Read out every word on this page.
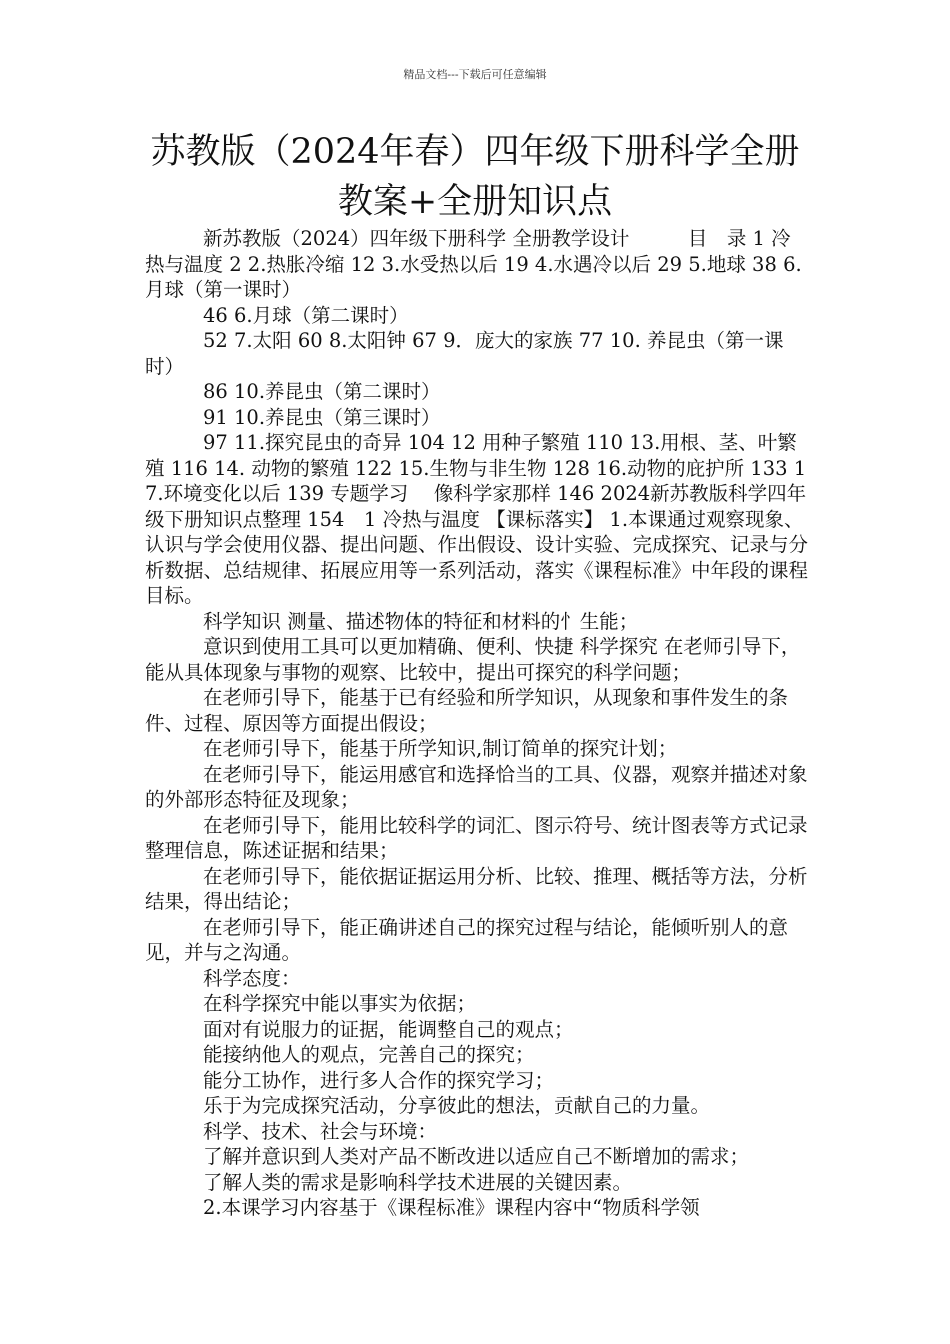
精品文档---下载后可任意编辑
苏教版（2024年春）四年级下册科学全册
教案+全册知识点

新苏教版（2024）四年级下册科学 全册教学设计　　　目　录 1 冷热与温度 2 2.热胀冷缩 12 3.水受热以后 19 4.水遇冷以后 29 5.地球 38 6.月球（第一课时）

46 6.月球（第二课时）

52 7.太阳 60 8.太阳钟 67 9．庞大的家族 77 10. 养昆虫（第一课时）

86 10.养昆虫（第二课时）

91 10.养昆虫（第三课时）

97 11.探究昆虫的奇异 104 12 用种子繁殖 110 13.用根、茎、叶繁殖 116 14. 动物的繁殖 122 15.生物与非生物 128 16.动物的庇护所 133 17.环境变化以后 139 专题学习　 像科学家那样 146 2024新苏教版科学四年级下册知识点整理 154　1 冷热与温度 【课标落实】 1.本课通过观察现象、认识与学会使用仪器、提出问题、作出假设、设计实验、完成探究、记录与分析数据、总结规律、拓展应用等一系列活动，落实《课程标准》中年段的课程目标。

科学知识 测量、描述物体的特征和材料的忄生能；

意识到使用工具可以更加精确、便利、快捷 科学探究 在老师引导下，能从具体现象与事物的观察、比较中，提出可探究的科学问题；

在老师引导下，能基于已有经验和所学知识，从现象和事件发生的条件、过程、原因等方面提出假设；

在老师引导下，能基于所学知识,制订简单的探究计划；

在老师引导下，能运用感官和选择恰当的工具、仪器，观察并描述对象的外部形态特征及现象；

在老师引导下，能用比较科学的词汇、图示符号、统计图表等方式记录整理信息，陈述证据和结果；

在老师引导下，能依据证据运用分析、比较、推理、概括等方法，分析结果，得出结论；

在老师引导下，能正确讲述自己的探究过程与结论，能倾听别人的意见，并与之沟通。

科学态度：

在科学探究中能以事实为依据；

面对有说服力的证据，能调整自己的观点；

能接纳他人的观点，完善自己的探究；

能分工协作，进行多人合作的探究学习；

乐于为完成探究活动，分享彼此的想法，贡献自己的力量。

科学、技术、社会与环境：

了解并意识到人类对产品不断改进以适应自己不断增加的需求；

了解人类的需求是影响科学技术进展的关键因素。

2.本课学习内容基于《课程标准》课程内容中“物质科学领
